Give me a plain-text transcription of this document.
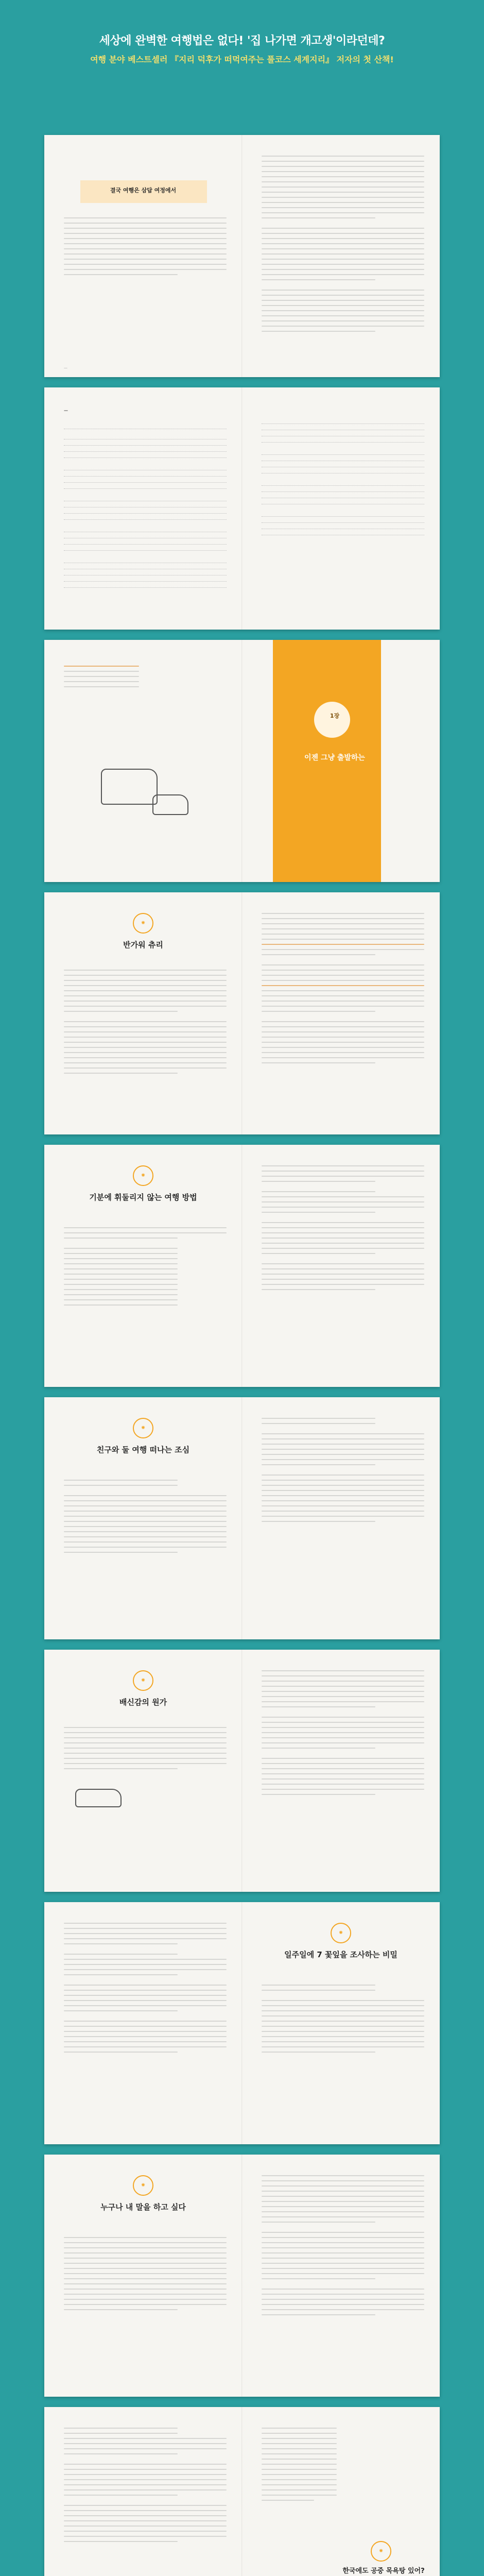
세상에 완벽한 여행법은 없다! '집 나가면 개고생'이라던데?

여행 분야 베스트셀러 『지리 덕후가 떠먹여주는 풀코스 세계지리』 저자의 첫 산책!

결국 여행은 삼답 여정에서
—
—
1장
이젠 그냥 출발하는
✺
반가워 츄리
✺
기분에 휘둘리지 않는 여행 방법
✺
친구와 둘 여행 떠나는 조심
✺
배신감의 원가
✺
일주일에 7 꽃잎을 조사하는 비밀
✺
누구나 내 말을 하고 싶다
✺
한국에도 공중 목욕탕 있어?
